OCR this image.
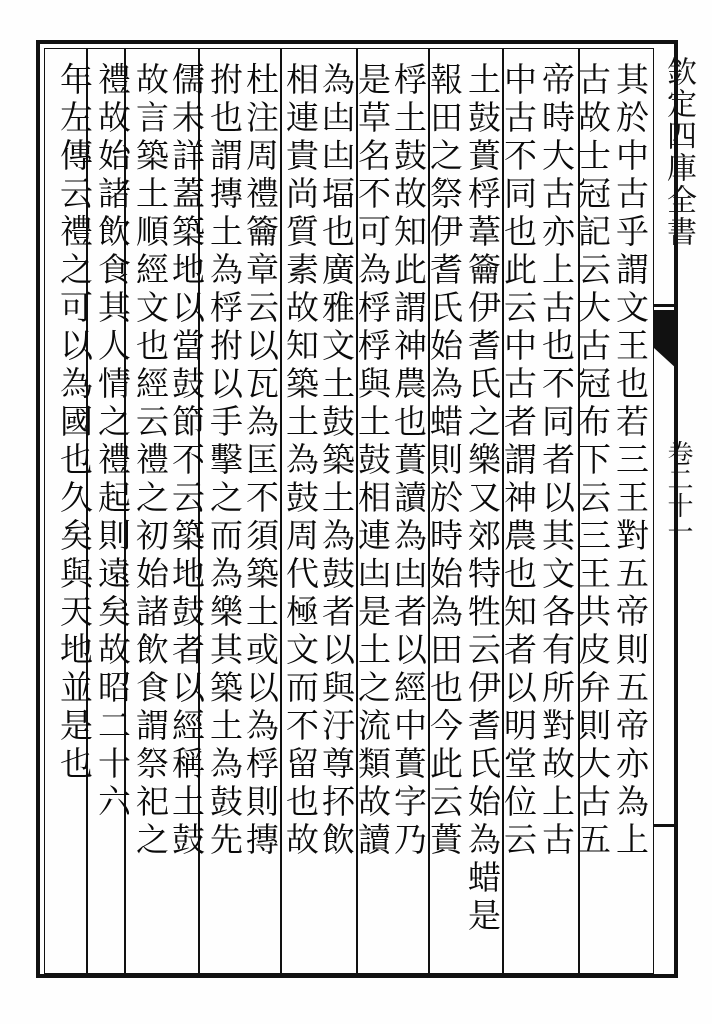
其於中古乎謂文王也若三王對五帝則五帝亦為上
古故士冠記云大古冠布下云三王共皮弁則大古五
帝時大古亦上古也不同者以其文各有所對故上古
中古不同也此云中古者謂神農也知者以明堂位云
土鼓蕢桴葦籥伊耆氏之樂又郊特牲云伊耆氏始為蜡是
報田之祭伊耆氏始為蜡則於時始為田也今此云蕢
桴土鼓故知此謂神農也蕢讀為凷者以經中蕢字乃
是草名不可為桴桴與土鼓相連凷是土之流類故讀
為凷凷堛也廣雅文土鼓築土為鼓者以與汙尊抔飲
相連貴尚質素故知築土為鼓周代極文而不留也故
杜注周禮籥章云以瓦為匡不須築土或以為桴則摶
拊也謂摶土為桴拊以手擊之而為樂其築土為鼓先
儒未詳蓋築地以當鼓節不云築地鼓者以經稱土鼓
故言築土順經文也經云禮之初始諸飲食謂祭祀之
禮故始諸飲食其人情之禮起則遠矣故昭二十六
年左傳云禮之可以為國也久矣與天地並是也	欽定四庫全書
卷二十一
